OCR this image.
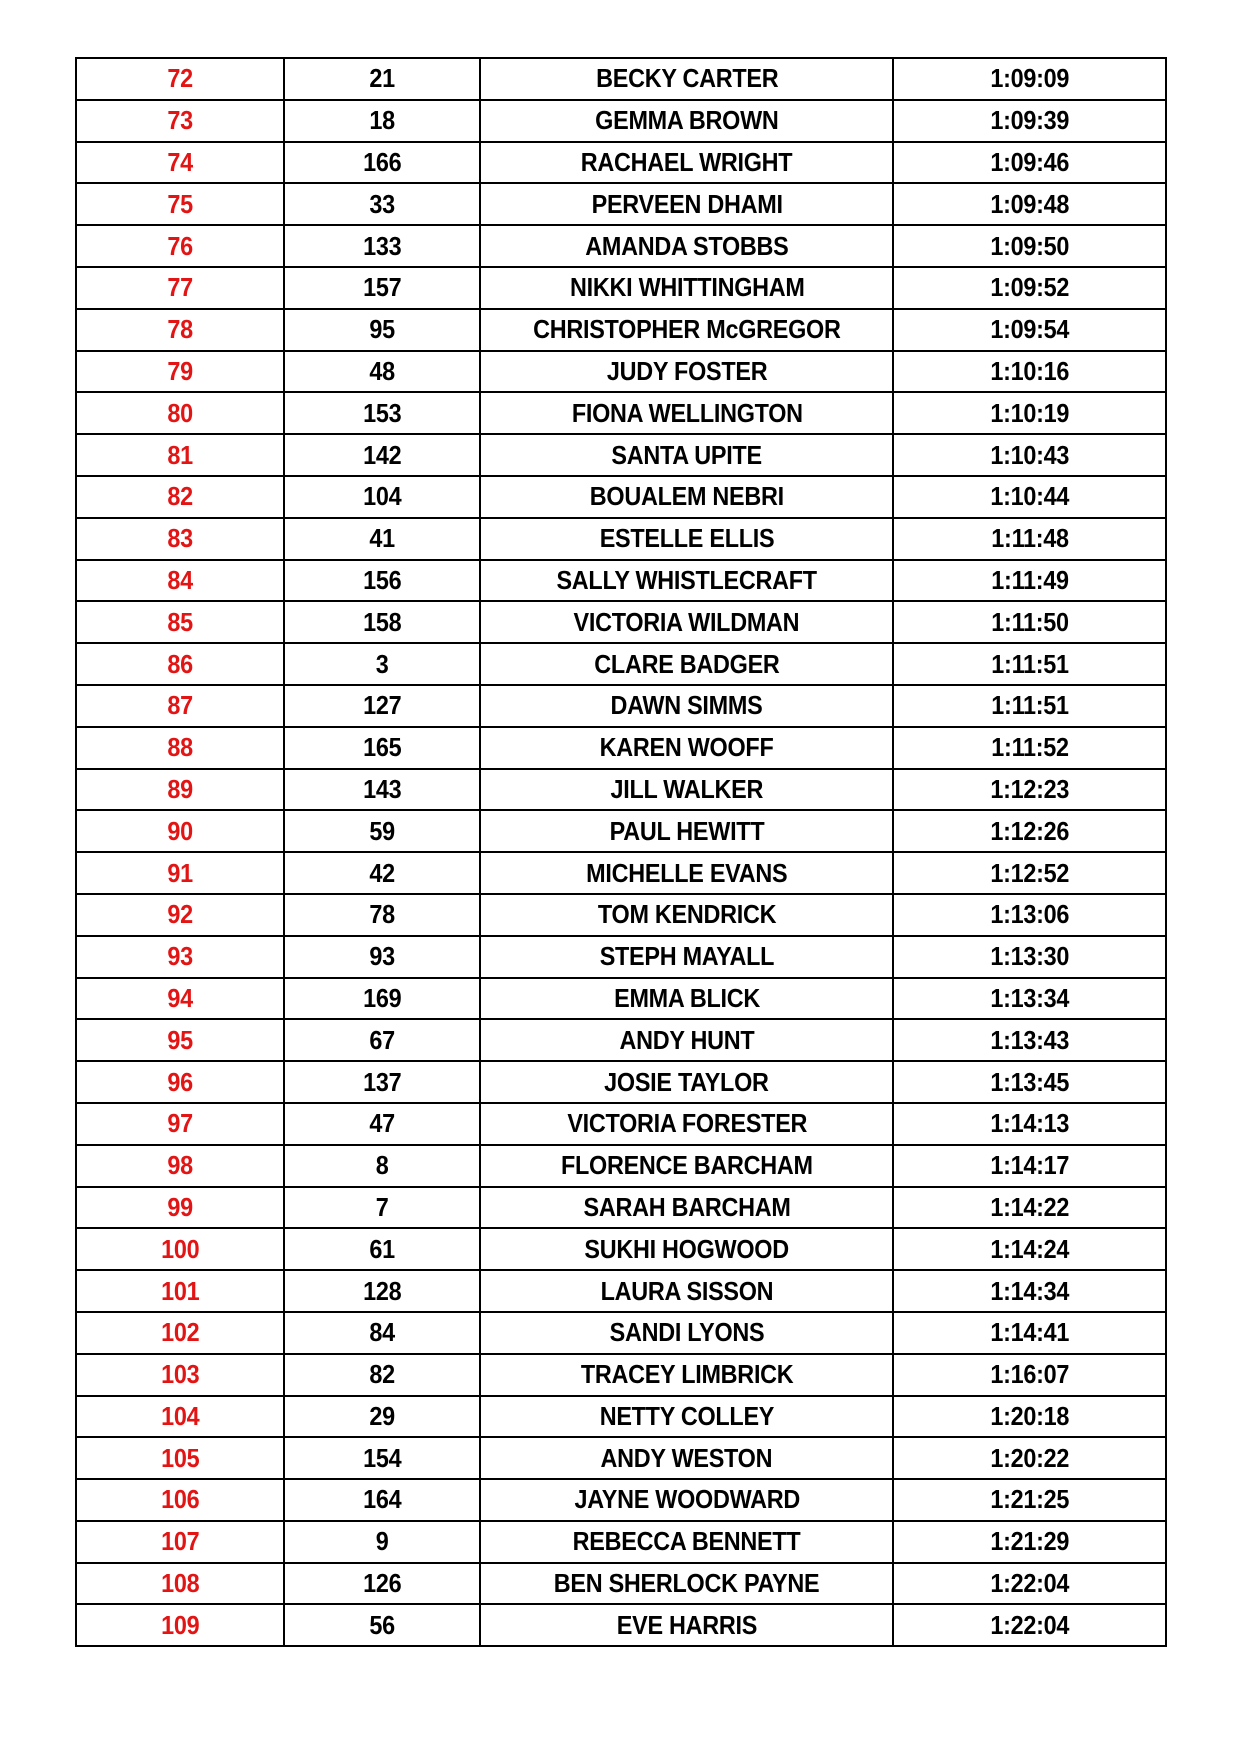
72	21	BECKY CARTER	1:09:09
73	18	GEMMA BROWN	1:09:39
74	166	RACHAEL WRIGHT	1:09:46
75	33	PERVEEN DHAMI	1:09:48
76	133	AMANDA STOBBS	1:09:50
77	157	NIKKI WHITTINGHAM	1:09:52
78	95	CHRISTOPHER McGREGOR	1:09:54
79	48	JUDY FOSTER	1:10:16
80	153	FIONA WELLINGTON	1:10:19
81	142	SANTA UPITE	1:10:43
82	104	BOUALEM NEBRI	1:10:44
83	41	ESTELLE ELLIS	1:11:48
84	156	SALLY WHISTLECRAFT	1:11:49
85	158	VICTORIA WILDMAN	1:11:50
86	3	CLARE BADGER	1:11:51
87	127	DAWN SIMMS	1:11:51
88	165	KAREN WOOFF	1:11:52
89	143	JILL WALKER	1:12:23
90	59	PAUL HEWITT	1:12:26
91	42	MICHELLE EVANS	1:12:52
92	78	TOM KENDRICK	1:13:06
93	93	STEPH MAYALL	1:13:30
94	169	EMMA BLICK	1:13:34
95	67	ANDY HUNT	1:13:43
96	137	JOSIE TAYLOR	1:13:45
97	47	VICTORIA FORESTER	1:14:13
98	8	FLORENCE BARCHAM	1:14:17
99	7	SARAH BARCHAM	1:14:22
100	61	SUKHI HOGWOOD	1:14:24
101	128	LAURA SISSON	1:14:34
102	84	SANDI LYONS	1:14:41
103	82	TRACEY LIMBRICK	1:16:07
104	29	NETTY COLLEY	1:20:18
105	154	ANDY WESTON	1:20:22
106	164	JAYNE WOODWARD	1:21:25
107	9	REBECCA BENNETT	1:21:29
108	126	BEN SHERLOCK PAYNE	1:22:04
109	56	EVE HARRIS	1:22:04
